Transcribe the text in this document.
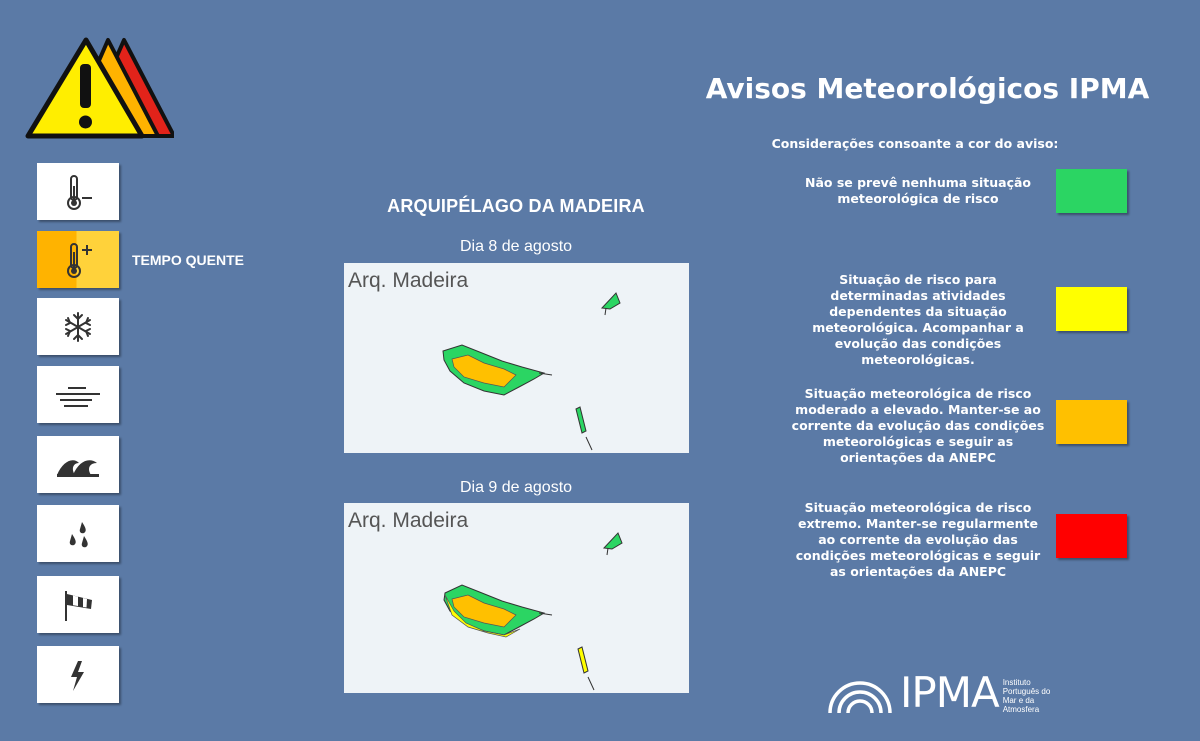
TEMPO QUENTE
ARQUIPÉLAGO DA MADEIRA
Dia 8 de agosto
Arq. Madeira
Dia 9 de agosto
Arq. Madeira
Avisos Meteorológicos IPMA
Considerações consoante a cor do aviso:
Não se prevê nenhuma situação meteorológica de risco
Situação de risco para determinadas atividades dependentes da situação meteorológica. Acompanhar a evolução das condições meteorológicas.
Situação meteorológica de risco moderado a elevado. Manter-se ao corrente da evolução das condições meteorológicas e seguir as orientações da ANEPC
Situação meteorológica de risco extremo. Manter-se regularmente ao corrente da evolução das condições meteorológicas e seguir as orientações da ANEPC
IPMA Instituto Português do Mar e da Atmosfera
